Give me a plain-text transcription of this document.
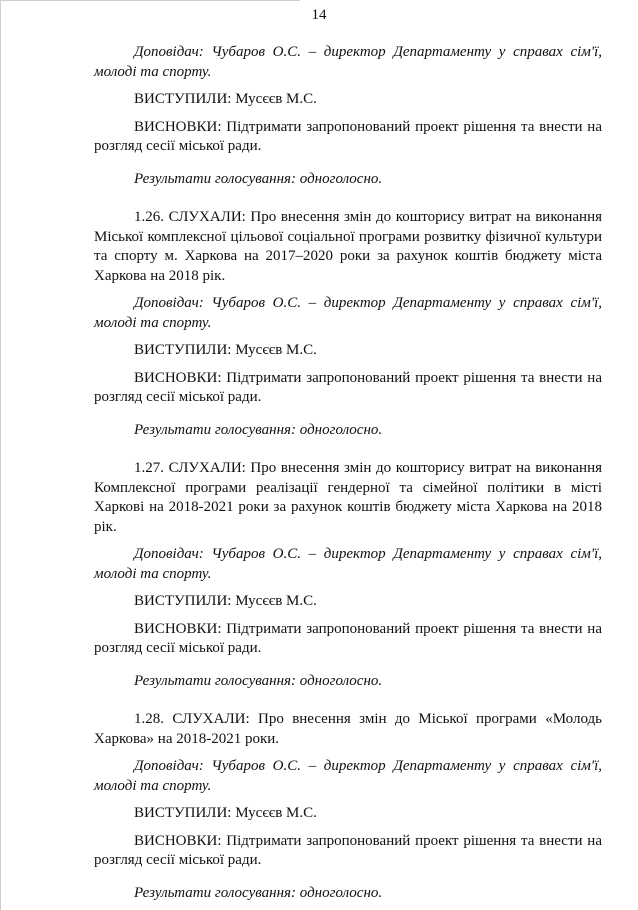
14

Доповідач: Чубаров О.С. – директор Департаменту у справах сім'ї, молоді та спорту.

ВИСТУПИЛИ: Мусєєв М.С.

ВИСНОВКИ: Підтримати запропонований проект рішення та внести на розгляд сесії міської ради.

Результати голосування: одноголосно.

1.26. СЛУХАЛИ: Про внесення змін до кошторису витрат на виконання Міської комплексної цільової соціальної програми розвитку фізичної культури та спорту м. Харкова на 2017–2020 роки за рахунок коштів бюджету міста Харкова на 2018 рік.

Доповідач: Чубаров О.С. – директор Департаменту у справах сім'ї, молоді та спорту.

ВИСТУПИЛИ: Мусєєв М.С.

ВИСНОВКИ: Підтримати запропонований проект рішення та внести на розгляд сесії міської ради.

Результати голосування: одноголосно.

1.27. СЛУХАЛИ: Про внесення змін до кошторису витрат на виконання Комплексної програми реалізації гендерної та сімейної політики в місті Харкові на 2018-2021 роки за рахунок коштів бюджету міста Харкова на 2018 рік.

Доповідач: Чубаров О.С. – директор Департаменту у справах сім'ї, молоді та спорту.

ВИСТУПИЛИ: Мусєєв М.С.

ВИСНОВКИ: Підтримати запропонований проект рішення та внести на розгляд сесії міської ради.

Результати голосування: одноголосно.

1.28. СЛУХАЛИ: Про внесення змін до Міської програми «Молодь Харкова» на 2018-2021 роки.

Доповідач: Чубаров О.С. – директор Департаменту у справах сім'ї, молоді та спорту.

ВИСТУПИЛИ: Мусєєв М.С.

ВИСНОВКИ: Підтримати запропонований проект рішення та внести на розгляд сесії міської ради.

Результати голосування: одноголосно.
